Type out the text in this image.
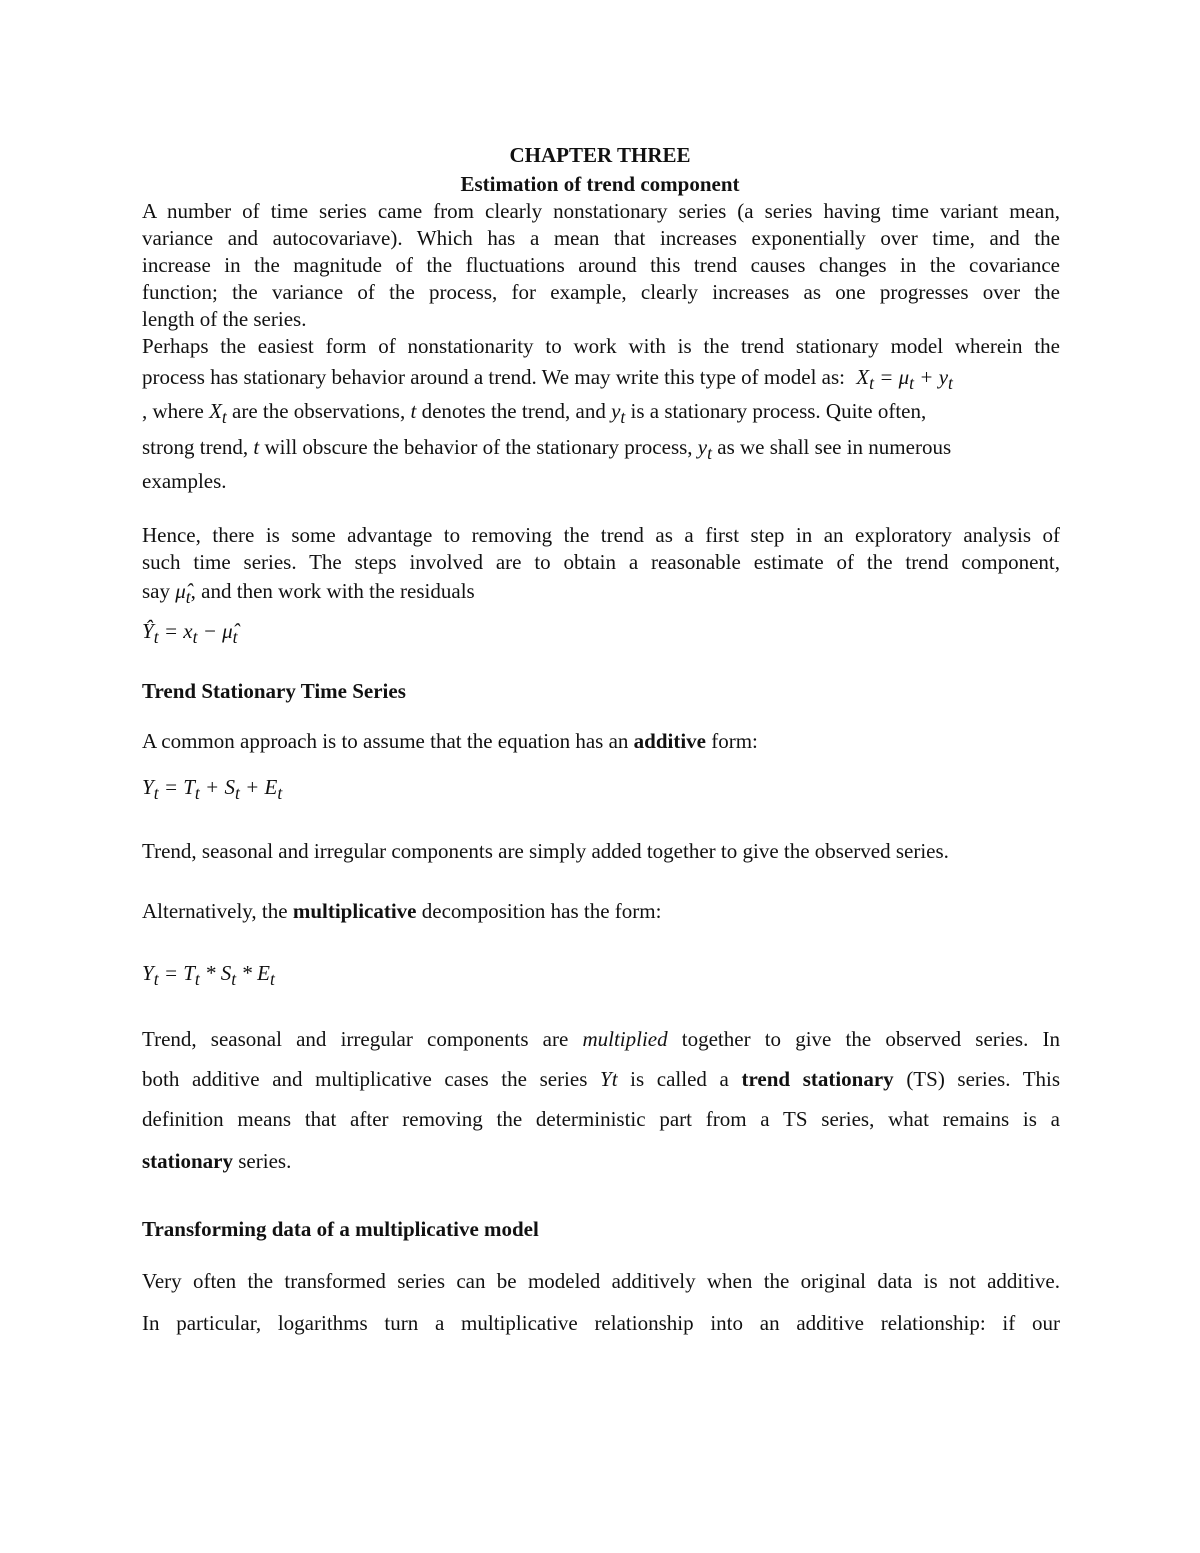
CHAPTER THREE
Estimation of trend component
A number of time series came from clearly nonstationary series (a series having time variant mean,
variance and autocovariave). Which has a mean that increases exponentially over time, and the
increase in the magnitude of the fluctuations around this trend causes changes in the covariance
function; the variance of the process, for example, clearly increases as one progresses over the
length of the series.
Perhaps the easiest form of nonstationarity to work with is the trend stationary model wherein the
process has stationary behavior around a trend. We may write this type of model as: $X_t = \mu_t + y_t$
, where $X_t$ are the observations, t denotes the trend, and $y_t$ is a stationary process. Quite often,
strong trend, t will obscure the behavior of the stationary process, $y_t$ as we shall see in numerous
examples.
Hence, there is some advantage to removing the trend as a first step in an exploratory analysis of
such time series. The steps involved are to obtain a reasonable estimate of the trend component,
say $\mû_t$, and then work with the residuals
$Ŷ_t = x_t$ − $\mû_t$
Trend Stationary Time Series
A common approach is to assume that the equation has an additive form:
$Y_t = T_t + S_t + E_t$
Trend, seasonal and irregular components are simply added together to give the observed series.
Alternatively, the multiplicative decomposition has the form:
$Y_t = T_t * S_t * E_t$
Trend, seasonal and irregular components are multiplied together to give the observed series. In
both additive and multiplicative cases the series Yt is called a trend stationary (TS) series. This
definition means that after removing the deterministic part from a TS series, what remains is a
stationary series.
Transforming data of a multiplicative model
Very often the transformed series can be modeled additively when the original data is not additive.
In particular, logarithms turn a multiplicative relationship into an additive relationship: if our
